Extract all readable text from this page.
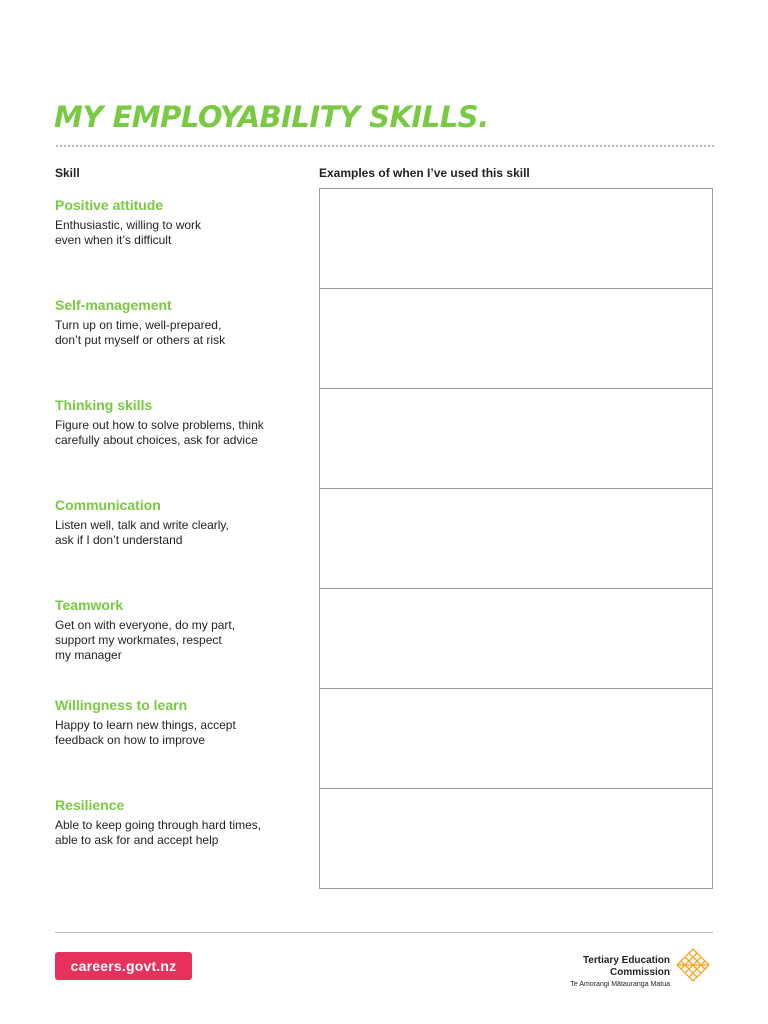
MY EMPLOYABILITY SKILLS.
Skill	Examples of when I’ve used this skill
Positive attitude
Enthusiastic, willing to work
even when it’s difficult
Self-management
Turn up on time, well-prepared,
don’t put myself or others at risk
Thinking skills
Figure out how to solve problems, think
carefully about choices, ask for advice
Communication
Listen well, talk and write clearly,
ask if I don’t understand
Teamwork
Get on with everyone, do my part,
support my workmates, respect
my manager
Willingness to learn
Happy to learn new things, accept
feedback on how to improve
Resilience
Able to keep going through hard times,
able to ask for and accept help
careers.govt.nz	Tertiary Education
Commission
Te Amorangi Mātauranga Matua
